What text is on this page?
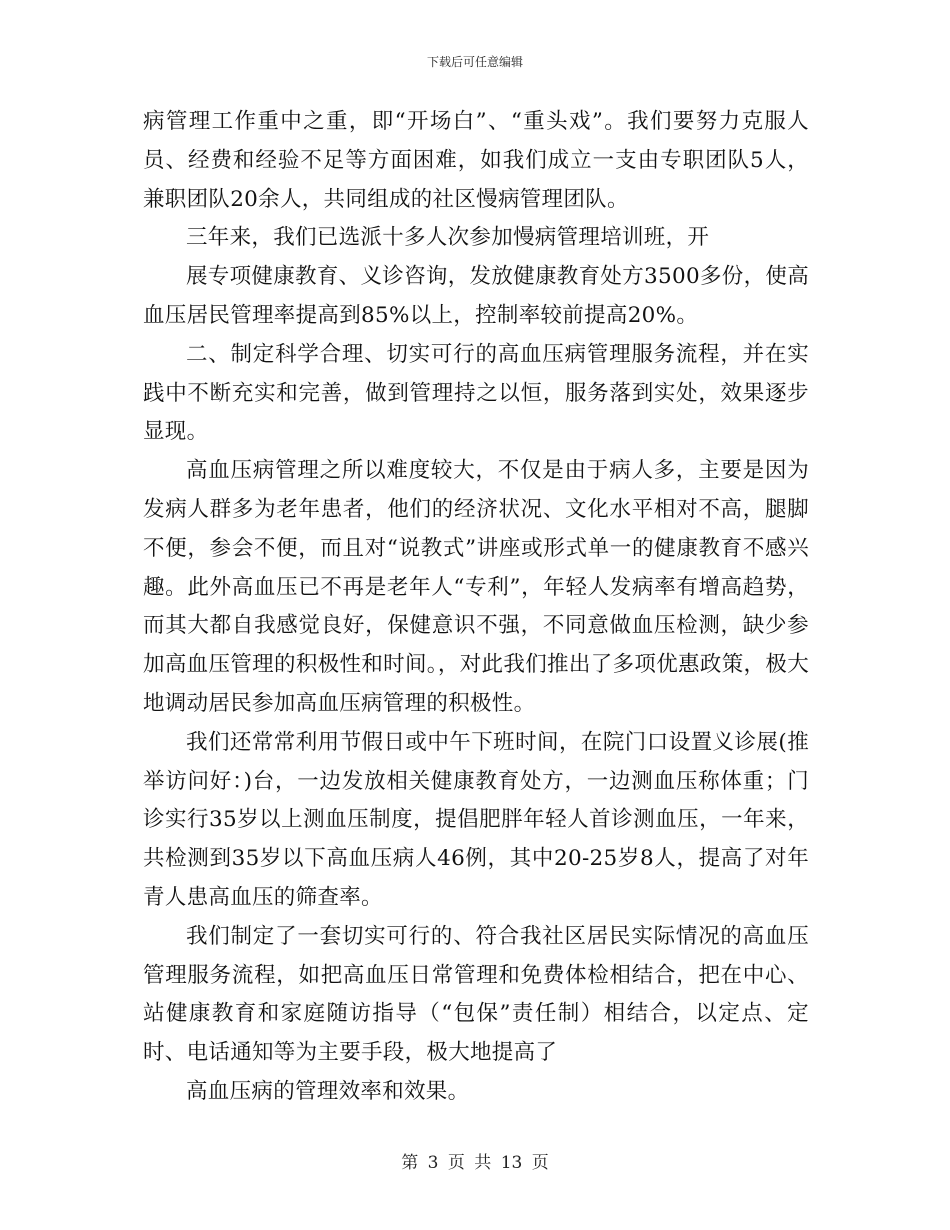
下载后可任意编辑

病管理工作重中之重，即“开场白”、“重头戏”。我们要努力克服人员、经费和经验不足等方面困难，如我们成立一支由专职团队5人，兼职团队20余人，共同组成的社区慢病管理团队。

三年来，我们已选派十多人次参加慢病管理培训班，开

展专项健康教育、义诊咨询，发放健康教育处方3500多份，使高血压居民管理率提高到85%以上，控制率较前提高20%。

二、制定科学合理、切实可行的高血压病管理服务流程，并在实践中不断充实和完善，做到管理持之以恒，服务落到实处，效果逐步显现。

高血压病管理之所以难度较大，不仅是由于病人多，主要是因为发病人群多为老年患者，他们的经济状况、文化水平相对不高，腿脚不便，参会不便，而且对“说教式”讲座或形式单一的健康教育不感兴趣。此外高血压已不再是老年人“专利”，年轻人发病率有增高趋势，而其大都自我感觉良好，保健意识不强，不同意做血压检测，缺少参加高血压管理的积极性和时间。，对此我们推出了多项优惠政策，极大地调动居民参加高血压病管理的积极性。

我们还常常利用节假日或中午下班时间，在院门口设置义诊展(推举访问好：)台，一边发放相关健康教育处方，一边测血压称体重；门诊实行35岁以上测血压制度，提倡肥胖年轻人首诊测血压，一年来，共检测到35岁以下高血压病人46例，其中20-25岁8人，提高了对年青人患高血压的筛查率。

我们制定了一套切实可行的、符合我社区居民实际情况的高血压管理服务流程，如把高血压日常管理和免费体检相结合，把在中心、站健康教育和家庭随访指导（“包保”责任制）相结合，以定点、定时、电话通知等为主要手段，极大地提高了

高血压病的管理效率和效果。

第 3 页 共 13 页
